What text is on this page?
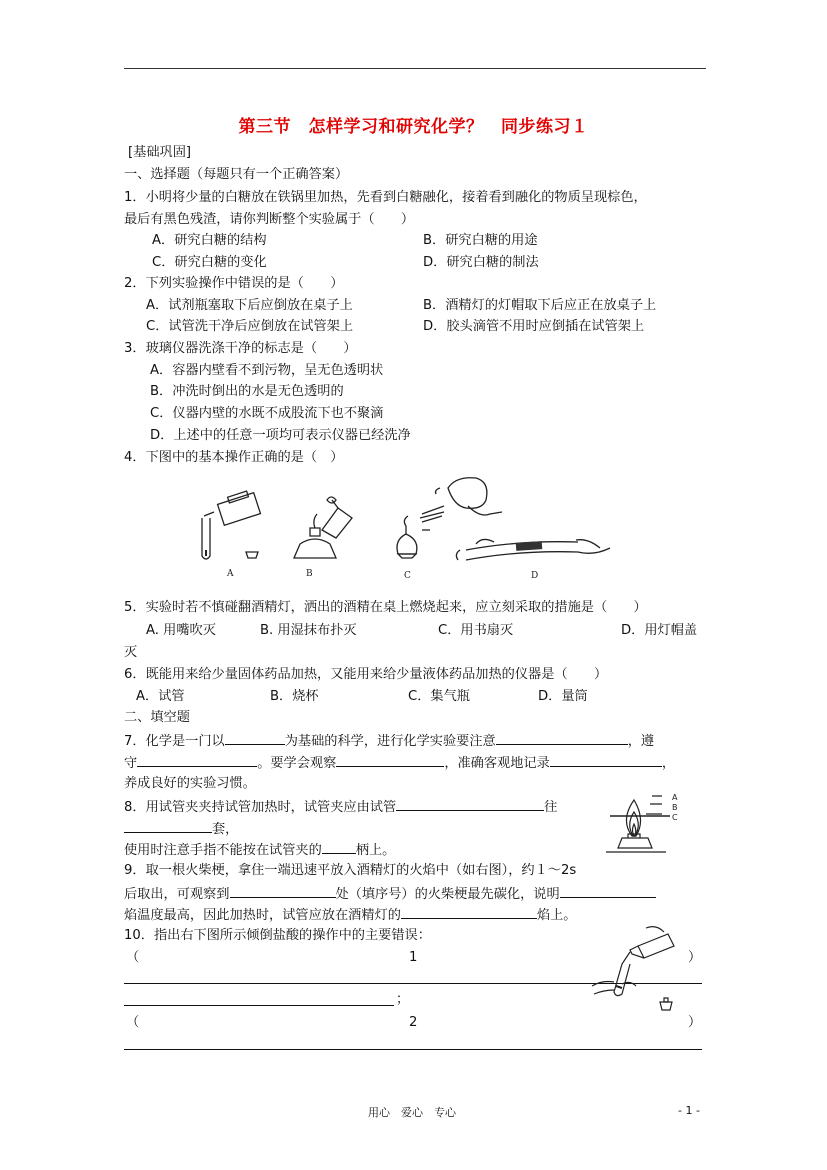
第三节　怎样学习和研究化学？　同步练习１
[基础巩固]
一、选择题（每题只有一个正确答案）
1．小明将少量的白糖放在铁锅里加热，先看到白糖融化，接着看到融化的物质呈现棕色，
最后有黑色残渣，请你判断整个实验属于（　　）
A．研究白糖的结构	B．研究白糖的用途
C．研究白糖的变化	D．研究白糖的制法
2．下列实验操作中错误的是（　　）
A．试剂瓶塞取下后应倒放在桌子上	B．酒精灯的灯帽取下后应正在放桌子上
C．试管洗干净后应倒放在试管架上	D．胶头滴管不用时应倒插在试管架上
3．玻璃仪器洗涤干净的标志是（　　）
A．容器内壁看不到污物，呈无色透明状
B．冲洗时倒出的水是无色透明的
C．仪器内壁的水既不成股流下也不聚滴
D．上述中的任意一项均可表示仪器已经洗净
4．下图中的基本操作正确的是（　）
A	B	C	D
5．实验时若不慎碰翻酒精灯，洒出的酒精在桌上燃烧起来，应立刻采取的措施是（　　）
A. 用嘴吹灭	B. 用湿抹布扑灭	C．用书扇灭	D．用灯帽盖
灭
6．既能用来给少量固体药品加热，又能用来给少量液体药品加热的仪器是（　　）
A．试管	B．烧杯	C．集气瓶	D．量筒
二、填空题
7．化学是一门以	为基础的科学，进行化学实验要注意	，遵
守	。要学会观察	，准确客观地记录	，
养成良好的实验习惯。
8．用试管夹夹持试管加热时，试管夹应由试管	往
套，
使用时注意手指不能按在试管夹的	柄上。
A
B
C
9．取一根火柴梗，拿住一端迅速平放入酒精灯的火焰中（如右图），约１～2s
后取出，可观察到	处（填序号）的火柴梗最先碳化，说明
焰温度最高，因此加热时，试管应放在酒精灯的	焰上。
10．指出右下图所示倾倒盐酸的操作中的主要错误：
（	1	）
；
（	2	）
用心　爱心　专心	- 1 -
